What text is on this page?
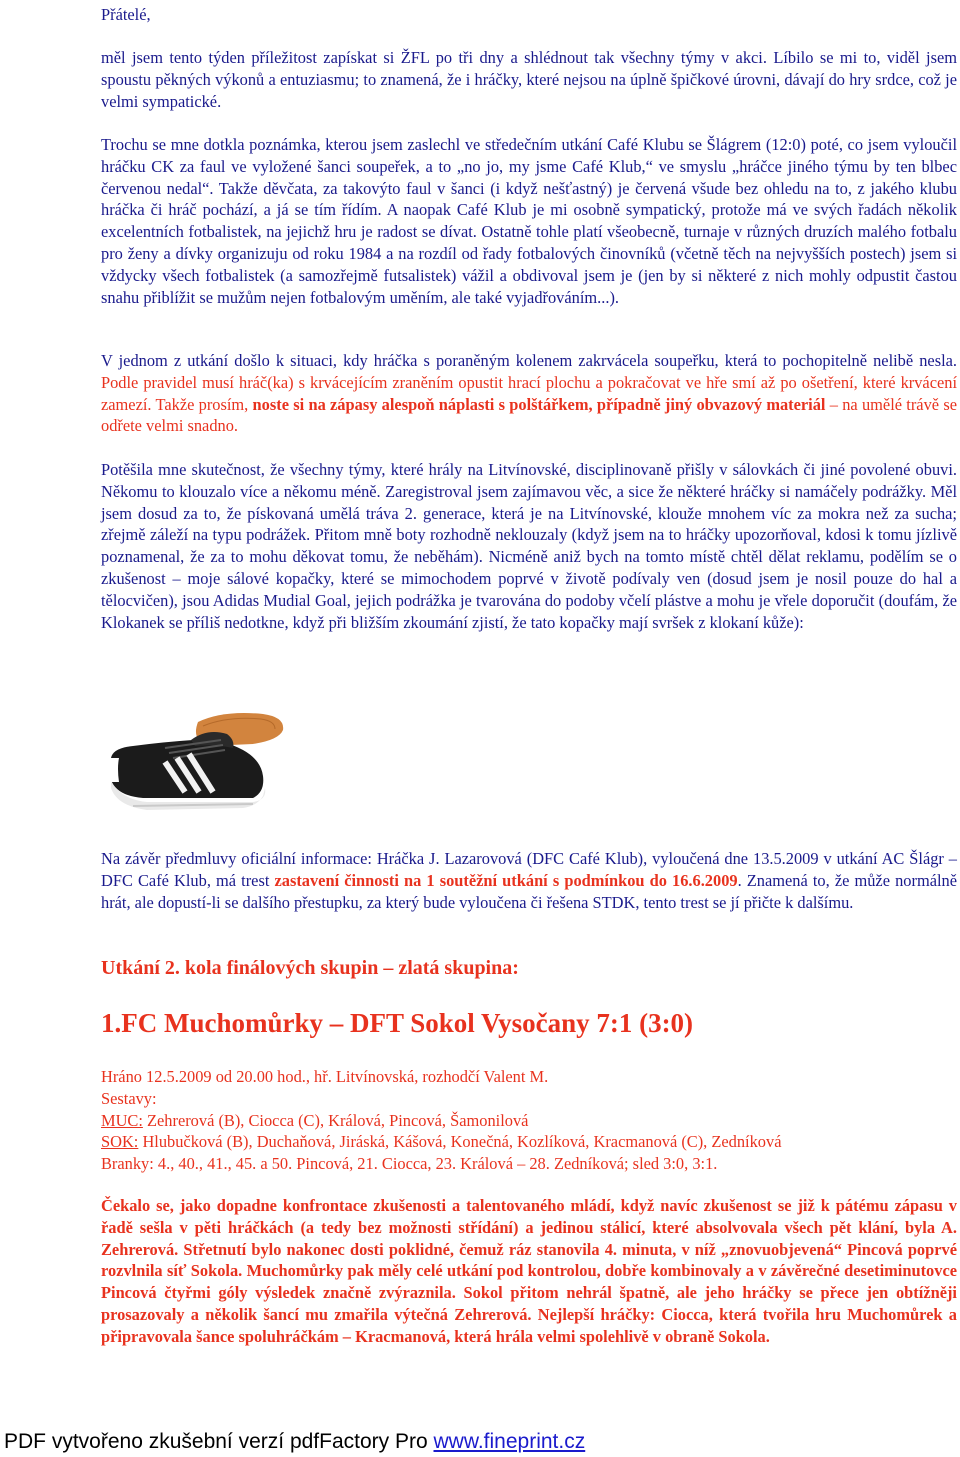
Přátelé,

měl jsem tento týden příležitost zapískat si ŽFL po tři dny a shlédnout tak všechny týmy v akci. Líbilo se mi to, viděl jsem spoustu pěkných výkonů a entuziasmu; to znamená, že i hráčky, které nejsou na úplně špičkové úrovni, dávají do hry srdce, což je velmi sympatické.

Trochu se mne dotkla poznámka, kterou jsem zaslechl ve středečním utkání Café Klubu se Šlágrem (12:0) poté, co jsem vyloučil hráčku CK za faul ve vyložené šanci soupeřek, a to „no jo, my jsme Café Klub,“ ve smyslu „hráčce jiného týmu by ten blbec červenou nedal“. Takže děvčata, za takovýto faul v šanci (i když nešťastný) je červená všude bez ohledu na to, z jakého klubu hráčka či hráč pochází, a já se tím řídím. A naopak Café Klub je mi osobně sympatický, protože má ve svých řadách několik excelentních fotbalistek, na jejichž hru je radost se dívat. Ostatně tohle platí všeobecně, turnaje v různých druzích malého fotbalu pro ženy a dívky organizuju od roku 1984 a na rozdíl od řady fotbalových činovníků (včetně těch na nejvyšších postech) jsem si vždycky všech fotbalistek (a samozřejmě futsalistek) vážil a obdivoval jsem je (jen by si některé z nich mohly odpustit častou snahu přiblížit se mužům nejen fotbalovým uměním, ale také vyjadřováním...).

V jednom z utkání došlo k situaci, kdy hráčka s poraněným kolenem zakrvácela soupeřku, která to pochopitelně nelibě nesla. Podle pravidel musí hráč(ka) s krvácejícím zraněním opustit hrací plochu a pokračovat ve hře smí až po ošetření, které krvácení zamezí. Takže prosím, noste si na zápasy alespoň náplasti s polštářkem, případně jiný obvazový materiál – na umělé trávě se odřete velmi snadno.

Potěšila mne skutečnost, že všechny týmy, které hrály na Litvínovské, disciplinovaně přišly v sálovkách či jiné povolené obuvi. Někomu to klouzalo více a někomu méně. Zaregistroval jsem zajímavou věc, a sice že některé hráčky si namáčely podrážky. Měl jsem dosud za to, že pískovaná umělá tráva 2. generace, která je na Litvínovské, klouže mnohem víc za mokra než za sucha; zřejmě záleží na typu podrážek. Přitom mně boty rozhodně neklouzaly (když jsem na to hráčky upozorňoval, kdosi k tomu jízlivě poznamenal, že za to mohu děkovat tomu, že neběhám). Nicméně aniž bych na tomto místě chtěl dělat reklamu, podělím se o zkušenost – moje sálové kopačky, které se mimochodem poprvé v životě podívaly ven (dosud jsem je nosil pouze do hal a tělocvičen), jsou Adidas Mudial Goal, jejich podrážka je tvarována do podoby včelí plástve a mohu je vřele doporučit (doufám, že Klokanek se příliš nedotkne, když při bližším zkoumání zjistí, že tato kopačky mají svršek z klokaní kůže):

Na závěr předmluvy oficiální informace: Hráčka J. Lazarovová (DFC Café Klub), vyloučená dne 13.5.2009 v utkání AC Šlágr – DFC Café Klub, má trest zastavení činnosti na 1 soutěžní utkání s podmínkou do 16.6.2009. Znamená to, že může normálně hrát, ale dopustí-li se dalšího přestupku, za který bude vyloučena či řešena STDK, tento trest se jí přičte k dalšímu.

Utkání 2. kola finálových skupin – zlatá skupina:
1.FC Muchomůrky – DFT Sokol Vysočany 7:1 (3:0)
Hráno 12.5.2009 od 20.00 hod., hř. Litvínovská, rozhodčí Valent M.
Sestavy:
MUC: Zehrerová (B), Ciocca (C), Králová, Pincová, Šamonilová
SOK: Hlubučková (B), Duchaňová, Jiráská, Kášová, Konečná, Kozlíková, Kracmanová (C), Zedníková
Branky: 4., 40., 41., 45. a 50. Pincová, 21. Ciocca, 23. Králová – 28. Zedníková; sled 3:0, 3:1.

Čekalo se, jako dopadne konfrontace zkušenosti a talentovaného mládí, když navíc zkušenost se již k pátému zápasu v řadě sešla v pěti hráčkách (a tedy bez možnosti střídání) a jedinou stálicí, které absolvovala všech pět klání, byla A. Zehrerová. Střetnutí bylo nakonec dosti poklidné, čemuž ráz stanovila 4. minuta, v níž „znovuobjevená“ Pincová poprvé rozvlnila síť Sokola. Muchomůrky pak měly celé utkání pod kontrolou, dobře kombinovaly a v závěrečné desetiminutovce Pincová čtyřmi góly výsledek značně zvýraznila. Sokol přitom nehrál špatně, ale jeho hráčky se přece jen obtížněji prosazovaly a několik šancí mu zmařila výtečná Zehrerová. Nejlepší hráčky: Ciocca, která tvořila hru Muchomůrek a připravovala šance spoluhráčkám – Kracmanová, která hrála velmi spolehlivě v obraně Sokola.

PDF vytvořeno zkušební verzí pdfFactory Pro www.fineprint.cz
